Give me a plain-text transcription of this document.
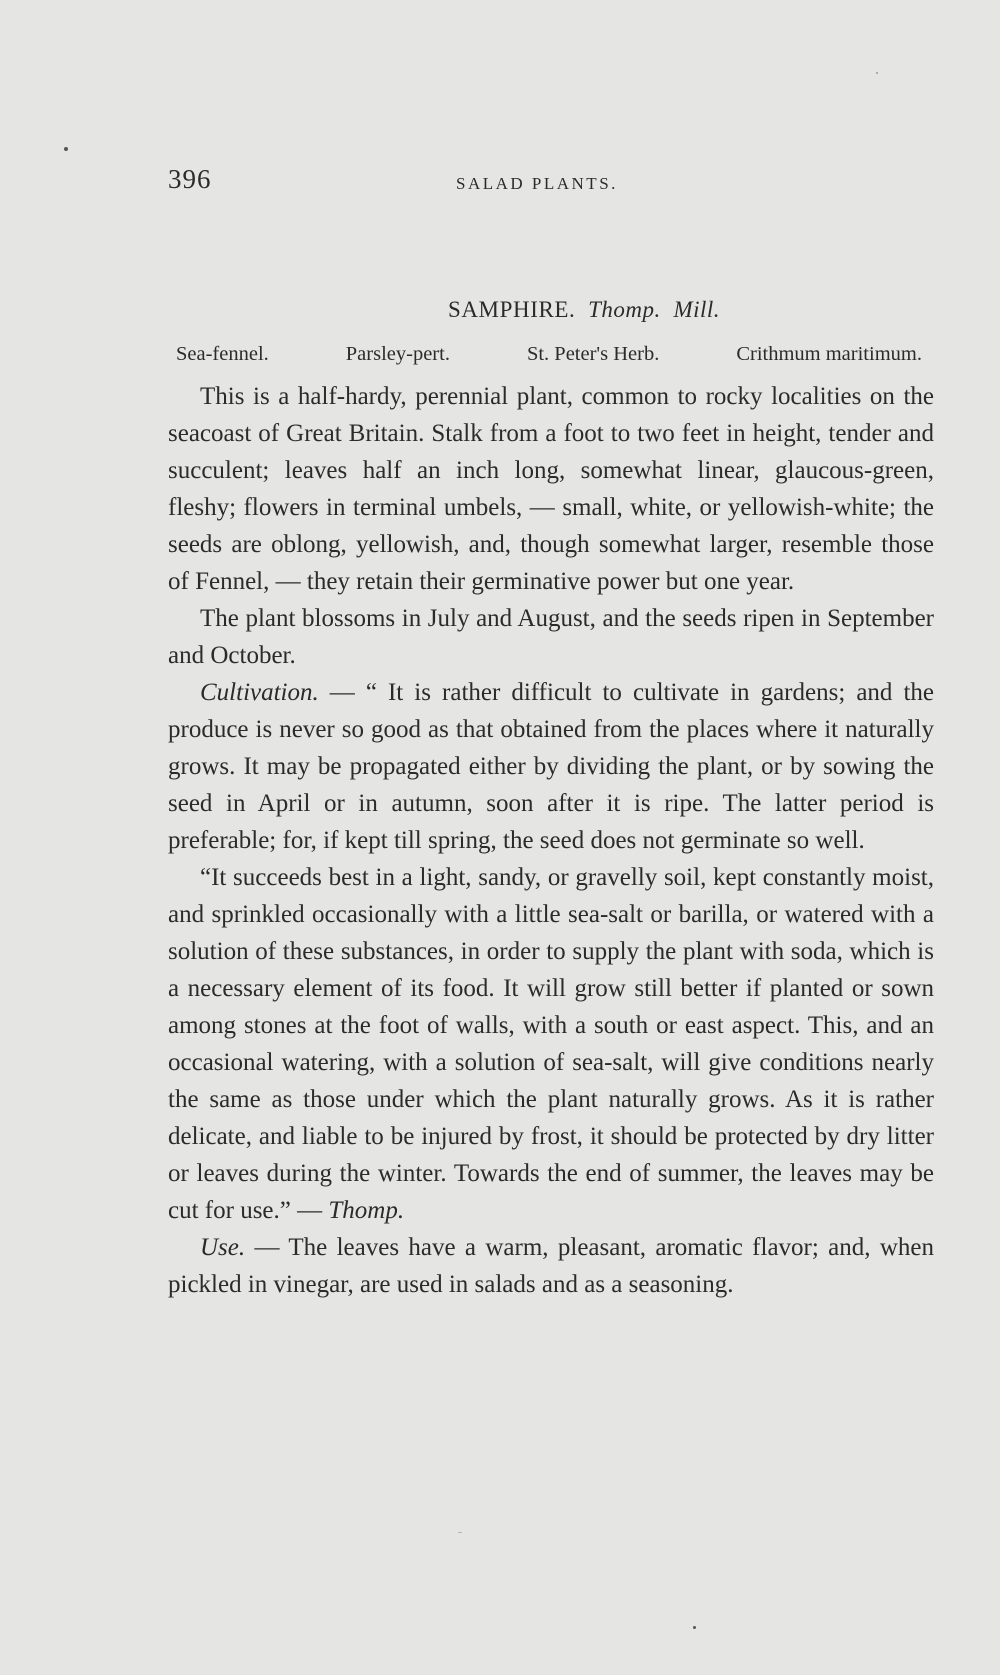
396	SALAD PLANTS.
SAMPHIRE. Thomp. Mill.
Sea-fennel.	Parsley-pert.	St. Peter's Herb.	Crithmum maritimum.

This is a half-hardy, perennial plant, common to rocky localities on the seacoast of Great Britain. Stalk from a foot to two feet in height, tender and succulent; leaves half an inch long, somewhat linear, glaucous-green, fleshy; flowers in terminal umbels, — small, white, or yellowish-white; the seeds are oblong, yellowish, and, though somewhat larger, resemble those of Fennel, — they retain their germinative power but one year.

The plant blossoms in July and August, and the seeds ripen in September and October.

Cultivation. — “ It is rather difficult to cultivate in gardens; and the produce is never so good as that obtained from the places where it naturally grows. It may be propagated either by dividing the plant, or by sowing the seed in April or in autumn, soon after it is ripe. The latter period is preferable; for, if kept till spring, the seed does not germinate so well.

“It succeeds best in a light, sandy, or gravelly soil, kept constantly moist, and sprinkled occasionally with a little sea-salt or barilla, or watered with a solution of these substances, in order to supply the plant with soda, which is a necessary element of its food. It will grow still better if planted or sown among stones at the foot of walls, with a south or east aspect. This, and an occasional watering, with a solution of sea-salt, will give conditions nearly the same as those under which the plant naturally grows. As it is rather delicate, and liable to be injured by frost, it should be protected by dry litter or leaves during the winter. Towards the end of summer, the leaves may be cut for use.” — Thomp.

Use. — The leaves have a warm, pleasant, aromatic flavor; and, when pickled in vinegar, are used in salads and as a seasoning.
